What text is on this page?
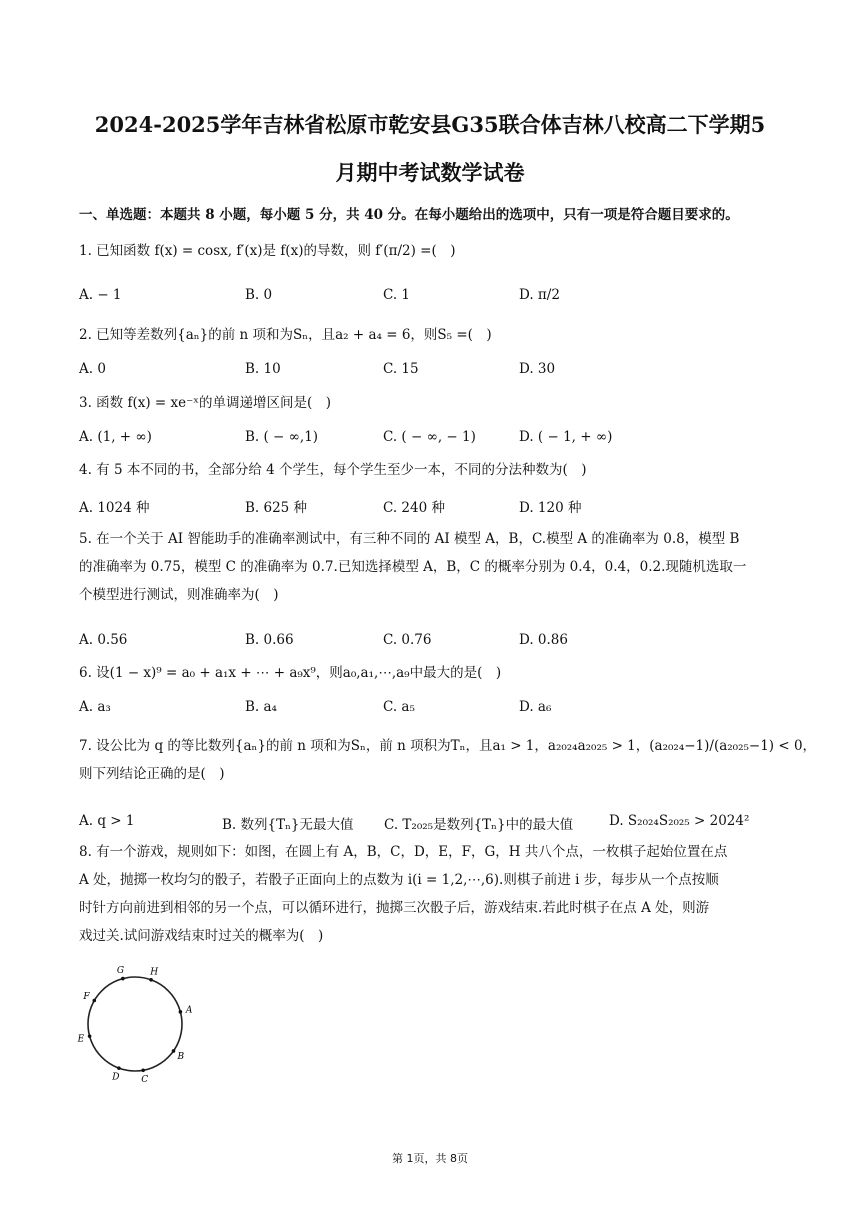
2024-2025学年吉林省松原市乾安县G35联合体吉林八校高二下学期5
月期中考试数学试卷
一、单选题：本题共 8 小题，每小题 5 分，共 40 分。在每小题给出的选项中，只有一项是符合题目要求的。
1. 已知函数 f(x) = cosx, f′(x)是 f(x)的导数，则 f′(π/2) =(　)
A. − 1	B. 0	C. 1	D. π/2
2. 已知等差数列{aₙ}的前 n 项和为Sₙ，且a₂ + a₄ = 6，则S₅ =(　)
A. 0	B. 10	C. 15	D. 30
3. 函数 f(x) = xe⁻ˣ的单调递增区间是(　)
A. (1, + ∞)	B. ( − ∞,1)	C. ( − ∞, − 1)	D. ( − 1, + ∞)
4. 有 5 本不同的书，全部分给 4 个学生，每个学生至少一本，不同的分法种数为(　)
A. 1024 种	B. 625 种	C. 240 种	D. 120 种
5. 在一个关于 AI 智能助手的准确率测试中，有三种不同的 AI 模型 A，B，C.模型 A 的准确率为 0.8，模型 B
的准确率为 0.75，模型 C 的准确率为 0.7.已知选择模型 A，B，C 的概率分别为 0.4，0.4，0.2.现随机选取一
个模型进行测试，则准确率为(　)
A. 0.56	B. 0.66	C. 0.76	D. 0.86
6. 设(1 − x)⁹ = a₀ + a₁x + ⋯ + a₉x⁹，则a₀,a₁,⋯,a₉中最大的是(　)
A. a₃	B. a₄	C. a₅	D. a₆
7. 设公比为 q 的等比数列{aₙ}的前 n 项和为Sₙ，前 n 项积为Tₙ，且a₁ > 1，a₂₀₂₄a₂₀₂₅ > 1，(a₂₀₂₄−1)/(a₂₀₂₅−1) < 0，
则下列结论正确的是(　)
A. q > 1	B. 数列{Tₙ}无最大值 C. T₂₀₂₅是数列{Tₙ}中的最大值	D. S₂₀₂₄S₂₀₂₅ > 2024²
8. 有一个游戏，规则如下：如图，在圆上有 A，B，C，D，E，F，G，H 共八个点，一枚棋子起始位置在点
A 处，抛掷一枚均匀的骰子，若骰子正面向上的点数为 i(i = 1,2,⋯,6).则棋子前进 i 步，每步从一个点按顺
时针方向前进到相邻的另一个点，可以循环进行，抛掷三次骰子后，游戏结束.若此时棋子在点 A 处，则游
戏过关.试问游戏结束时过关的概率为(　)
A
B
C
D
E
F
G	H
第 1页，共 8页
